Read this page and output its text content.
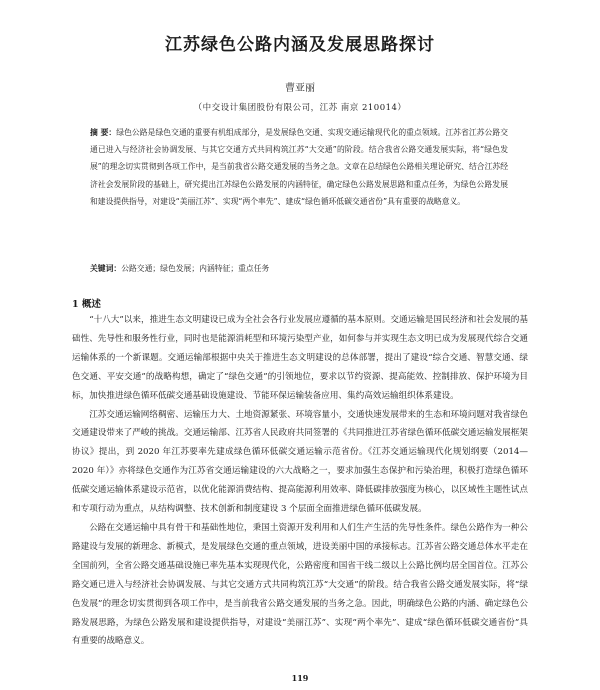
江苏绿色公路内涵及发展思路探讨
曹亚丽
（中交设计集团股份有限公司，江苏 南京 210014）
摘 要：绿色公路是绿色交通的重要有机组成部分，是发展绿色交通、实现交通运输现代化的重点领域。江苏省江苏公路交通已进入与经济社会协调发展、与其它交通方式共同构筑江苏“大交通”的阶段。结合我省公路交通发展实际，将“绿色发展”的理念切实贯彻到各项工作中，是当前我省公路交通发展的当务之急。文章在总结绿色公路相关理论研究、结合江苏经济社会发展阶段的基础上，研究提出江苏绿色公路发展的内涵特征，确定绿色公路发展思路和重点任务，为绿色公路发展和建设提供指导，对建设“美丽江苏”、实现“两个率先”、建成“绿色循环低碳交通省份”具有重要的战略意义。
关键词：公路交通；绿色发展；内涵特征；重点任务
1 概述

“十八大”以来，推进生态文明建设已成为全社会各行业发展应遵循的基本原则。交通运输是国民经济和社会发展的基础性、先导性和服务性行业，同时也是能源消耗型和环境污染型产业，如何参与并实现生态文明已成为发展现代综合交通运输体系的一个新课题。交通运输部根据中央关于推进生态文明建设的总体部署，提出了建设“综合交通、智慧交通、绿色交通、平安交通”的战略构想，确定了“绿色交通”的引领地位，要求以节约资源、提高能效、控制排放、保护环境为目标，加快推进绿色循环低碳交通基础设施建设、节能环保运输装备应用、集约高效运输组织体系建设。

江苏交通运输网络稠密、运输压力大、土地资源紧张、环境容量小，交通快速发展带来的生态和环境问题对我省绿色交通建设带来了严峻的挑战。交通运输部、江苏省人民政府共同签署的《共同推进江苏省绿色循环低碳交通运输发展框架协议》提出，到 2020 年江苏要率先建成绿色循环低碳交通运输示范省份。《江苏交通运输现代化规划纲要（2014—2020 年）》亦将绿色交通作为江苏省交通运输建设的六大战略之一，要求加强生态保护和污染治理，积极打造绿色循环低碳交通运输体系建设示范省，以优化能源消费结构、提高能源利用效率、降低碳排放强度为核心，以区域性主题性试点和专项行动为重点，从结构调整、技术创新和制度建设 3 个层面全面推进绿色循环低碳发展。

公路在交通运输中具有骨干和基础性地位，秉国土资源开发利用和人们生产生活的先导性条件。绿色公路作为一种公路建设与发展的新理念、新模式，是发展绿色交通的重点领域，进设美丽中国的承接标志。江苏省公路交通总体水平走在全国前列，全省公路交通基础设施已率先基本实现现代化，公路密度和国省干线二级以上公路比例均居全国首位。江苏公路交通已进入与经济社会协调发展、与其它交通方式共同构筑江苏“大交通”的阶段。结合我省公路交通发展实际，将“绿色发展”的理念切实贯彻到各项工作中，是当前我省公路交通发展的当务之急。因此，明确绿色公路的内涵、确定绿色公路发展思路，为绿色公路发展和建设提供指导，对建设“美丽江苏”、实现“两个率先”、建成“绿色循环低碳交通省份”具有重要的战略意义。

119
